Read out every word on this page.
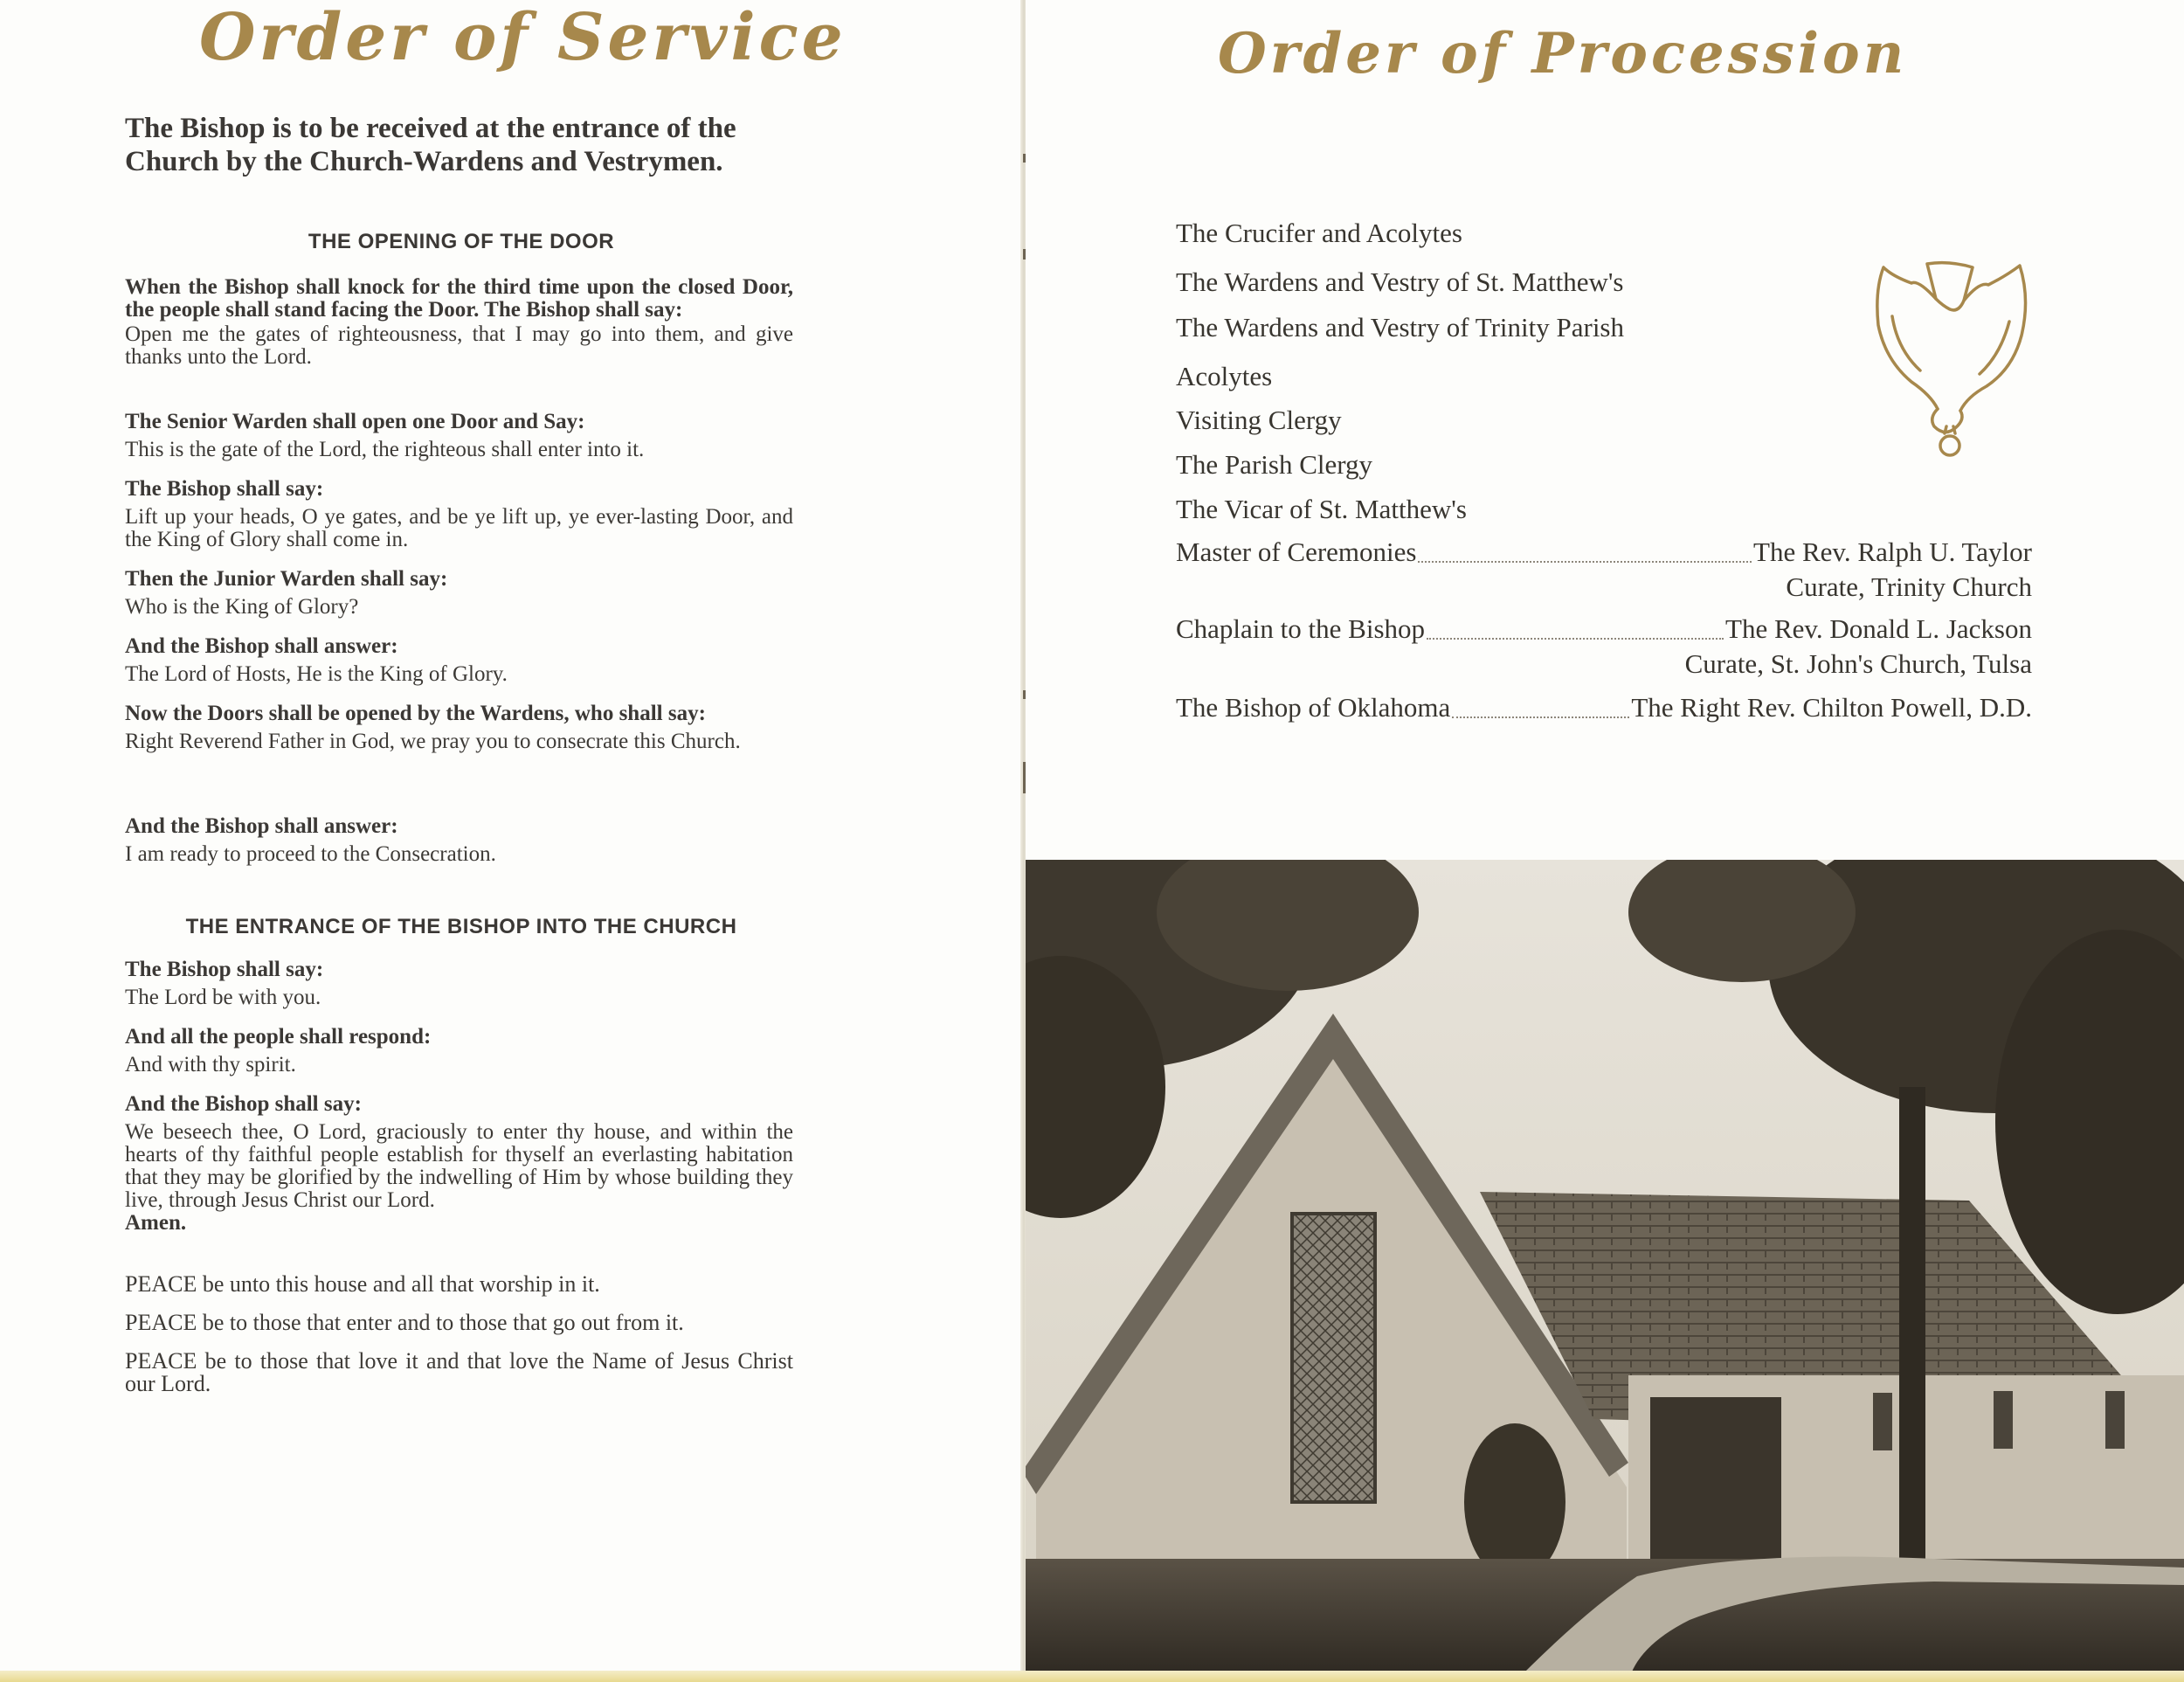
Order of Service
The Bishop is to be received at the entrance of the Church by the Church-Wardens and Vestrymen.
THE OPENING OF THE DOOR
When the Bishop shall knock for the third time upon the closed Door, the people shall stand facing the Door. The Bishop shall say:
Open me the gates of righteousness, that I may go into them, and give thanks unto the Lord.
The Senior Warden shall open one Door and Say:
This is the gate of the Lord, the righteous shall enter into it.
The Bishop shall say:
Lift up your heads, O ye gates, and be ye lift up, ye ever-lasting Door, and the King of Glory shall come in.
Then the Junior Warden shall say:
Who is the King of Glory?
And the Bishop shall answer:
The Lord of Hosts, He is the King of Glory.
Now the Doors shall be opened by the Wardens, who shall say:
Right Reverend Father in God, we pray you to consecrate this Church.
And the Bishop shall answer:
I am ready to proceed to the Consecration.
THE ENTRANCE OF THE BISHOP INTO THE CHURCH
The Bishop shall say:
The Lord be with you.
And all the people shall respond:
And with thy spirit.
And the Bishop shall say:
We beseech thee, O Lord, graciously to enter thy house, and within the hearts of thy faithful people establish for thyself an everlasting habitation that they may be glorified by the indwelling of Him by whose building they live, through Jesus Christ our Lord.
Amen.
PEACE be unto this house and all that worship in it.
PEACE be to those that enter and to those that go out from it.
PEACE be to those that love it and that love the Name of Jesus Christ our Lord.
Order of Procession
The Crucifer and Acolytes
The Wardens and Vestry of St. Matthew's
The Wardens and Vestry of Trinity Parish
Acolytes
Visiting Clergy
The Parish Clergy
The Vicar of St. Matthew's
Master of Ceremonies	The Rev. Ralph U. Taylor
Curate, Trinity Church
Chaplain to the Bishop	The Rev. Donald L. Jackson
Curate, St. John's Church, Tulsa
The Bishop of Oklahoma	The Right Rev. Chilton Powell, D.D.
